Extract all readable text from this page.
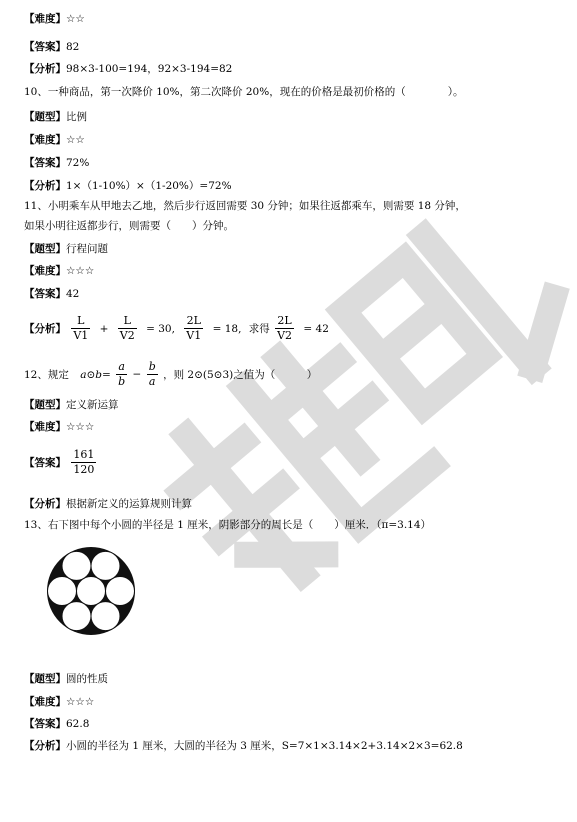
【难度】☆☆
【答案】82
【分析】98×3-100=194，92×3-194=82
10、一种商品，第一次降价 10%，第二次降价 20%，现在的价格是最初价格的（　　　　）。
【题型】比例
【难度】☆☆
【答案】72%
【分析】1×（1-10%）×（1-20%）=72%
11、小明乘车从甲地去乙地，然后步行返回需要 30 分钟；如果往返都乘车，则需要 18 分钟，
如果小明往返都步行，则需要（　　）分钟。
【题型】行程问题
【难度】☆☆☆
【答案】42
【分析】 $\frac{L}{V1} + \frac{L}{V2} = 30$, $\frac{2L}{V1} = 18$, 求得 $\frac{2L}{V2} = 42$
12、规定 a⊙b= $\frac{a}{b} - \frac{b}{a}$ ，则 2⊙(5⊙3)之值为（　　　）
【题型】定义新运算
【难度】☆☆☆
【答案】 $\frac{161}{120}$
【分析】根据新定义的运算规则计算
13、右下图中每个小圆的半径是 1 厘米，阴影部分的周长是（　　）厘米．（π=3.14）
【题型】圆的性质
【难度】☆☆☆
【答案】62.8
【分析】小圆的半径为 1 厘米，大圆的半径为 3 厘米，S=7×1×3.14×2+3.14×2×3=62.8
